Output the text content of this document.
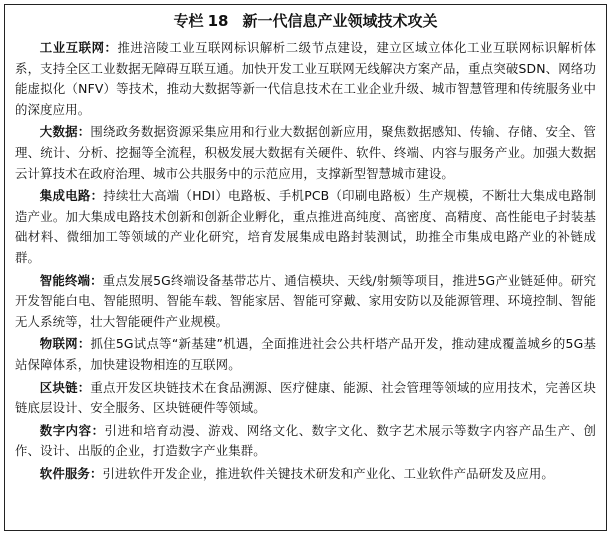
专栏 18 新一代信息产业领域技术攻关

工业互联网：推进涪陵工业互联网标识解析二级节点建设，建立区域立体化工业互联网标识解析体系，支持全区工业数据无障碍互联互通。加快开发工业互联网无线解决方案产品，重点突破SDN、网络功能虚拟化（NFV）等技术，推动大数据等新一代信息技术在工业企业升级、城市智慧管理和传统服务业中的深度应用。

大数据：围绕政务数据资源采集应用和行业大数据创新应用，聚焦数据感知、传输、存储、安全、管理、统计、分析、挖掘等全流程，积极发展大数据有关硬件、软件、终端、内容与服务产业。加强大数据云计算技术在政府治理、城市公共服务中的示范应用，支撑新型智慧城市建设。

集成电路：持续壮大高端（HDI）电路板、手机PCB（印刷电路板）生产规模，不断壮大集成电路制造产业。加大集成电路技术创新和创新企业孵化，重点推进高纯度、高密度、高精度、高性能电子封装基础材料、微细加工等领域的产业化研究，培育发展集成电路封装测试，助推全市集成电路产业的补链成群。

智能终端：重点发展5G终端设备基带芯片、通信模块、天线/射频等项目，推进5G产业链延伸。研究开发智能白电、智能照明、智能车载、智能家居、智能可穿戴、家用安防以及能源管理、环境控制、智能无人系统等，壮大智能硬件产业规模。

物联网：抓住5G试点等“新基建”机遇，全面推进社会公共杆塔产品开发，推动建成覆盖城乡的5G基站保障体系，加快建设物相连的互联网。

区块链：重点开发区块链技术在食品溯源、医疗健康、能源、社会管理等领域的应用技术，完善区块链底层设计、安全服务、区块链硬件等领域。

数字内容：引进和培育动漫、游戏、网络文化、数字文化、数字艺术展示等数字内容产品生产、创作、设计、出版的企业，打造数字产业集群。

软件服务：引进软件开发企业，推进软件关键技术研发和产业化、工业软件产品研发及应用。
